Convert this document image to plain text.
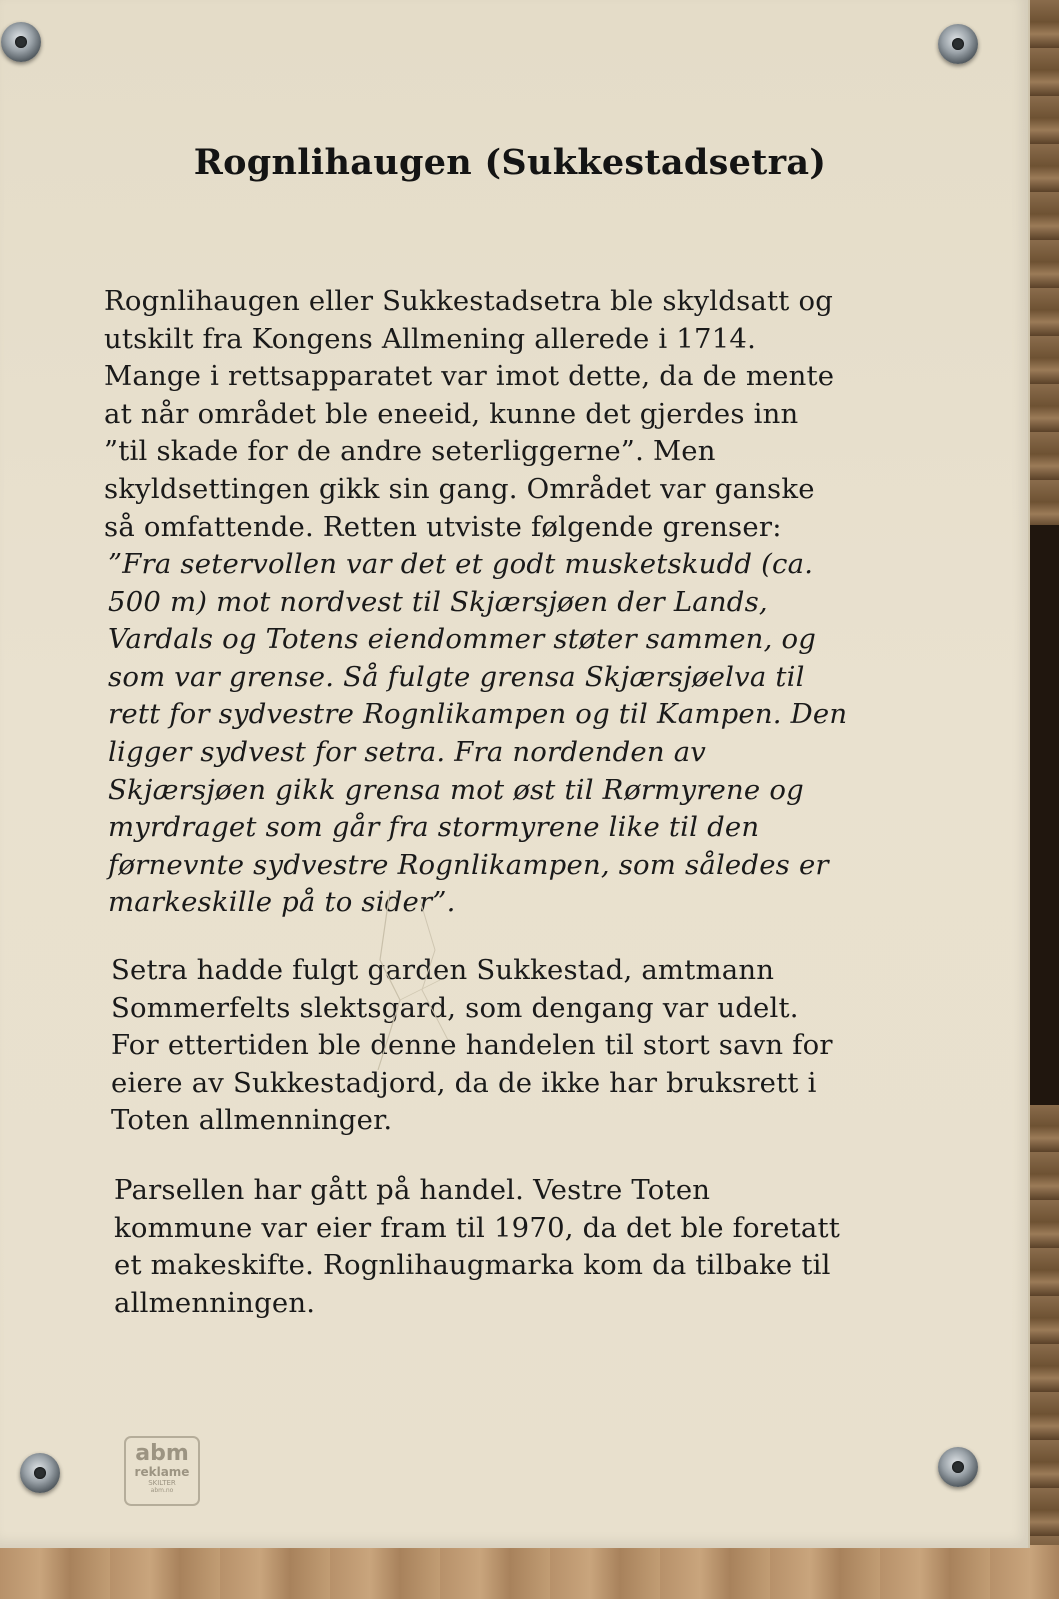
Rognlihaugen (Sukkestadsetra)

Rognlihaugen eller Sukkestadsetra ble skyldsatt og
utskilt fra Kongens Allmening allerede i 1714.
Mange i rettsapparatet var imot dette, da de mente
at når området ble eneeid, kunne det gjerdes inn
”til skade for de andre seterliggerne”. Men
skyldsettingen gikk sin gang. Området var ganske
så omfattende. Retten utviste følgende grenser:

”Fra setervollen var det et godt musketskudd (ca.
500 m) mot nordvest til Skjærsjøen der Lands,
Vardals og Totens eiendommer støter sammen, og
som var grense. Så fulgte grensa Skjærsjøelva til
rett for sydvestre Rognlikampen og til Kampen. Den
ligger sydvest for setra. Fra nordenden av
Skjærsjøen gikk grensa mot øst til Rørmyrene og
myrdraget som går fra stormyrene like til den
førnevnte sydvestre Rognlikampen, som således er
markeskille på to sider”.

Setra hadde fulgt garden Sukkestad, amtmann
Sommerfelts slektsgard, som dengang var udelt.
For ettertiden ble denne handelen til stort savn for
eiere av Sukkestadjord, da de ikke har bruksrett i
Toten allmenninger.

Parsellen har gått på handel. Vestre Toten
kommune var eier fram til 1970, da det ble foretatt
et makeskifte. Rognlihaugmarka kom da tilbake til
allmenningen.

abm
reklame
SKILTER
abm.no
